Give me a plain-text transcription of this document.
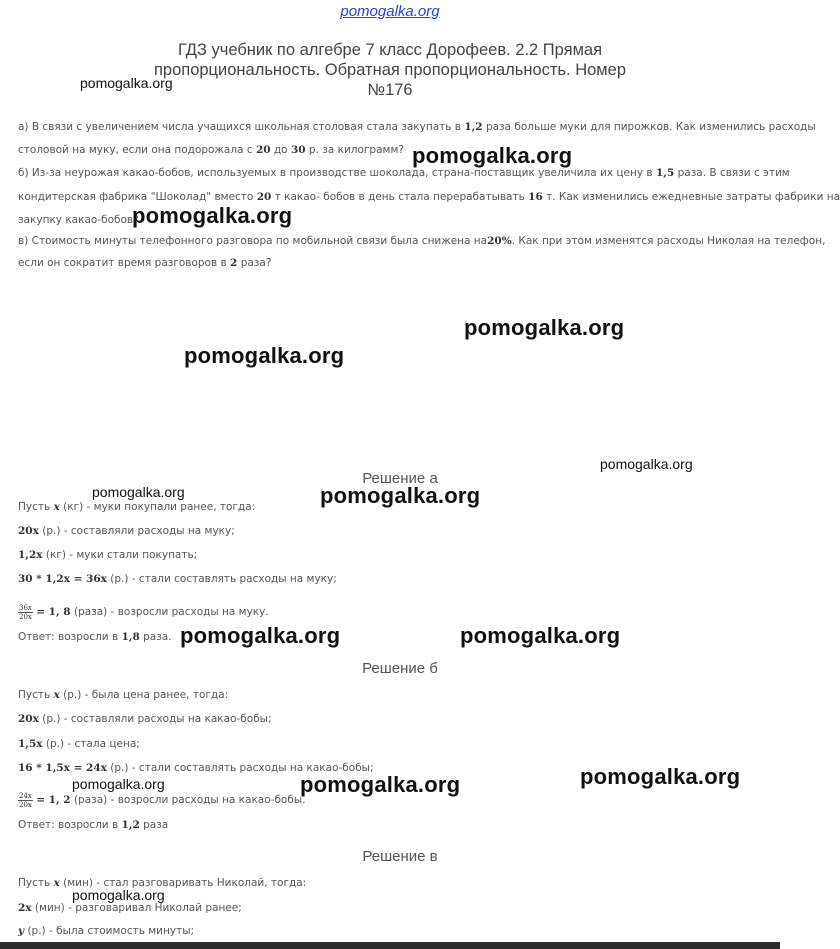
pomogalka.org
ГДЗ учебник по алгебре 7 класс Дорофеев. 2.2 Прямая
пропорциональность. Обратная пропорциональность. Номер
№176
а) В связи с увеличением числа учащихся школьная столовая стала закупать в 1,2 раза больше муки для пирожков. Как изменились расходы
столовой на муку, если она подорожала с 20 до 30 р. за килограмм?
б) Из-за неурожая какао-бобов, используемых в производстве шоколада, страна-поставщик увеличила их цену в 1,5 раза. В связи с этим
кондитерская фабрика "Шоколад" вместо 20 т какао- бобов в день стала перерабатывать 16 т. Как изменились ежедневные затраты фабрики на
закупку какао-бобов?
в) Стоимость минуты телефонного разговора по мобильной связи была снижена на20%. Как при этом изменятся расходы Николая на телефон,
если он сократит время разговоров в 2 раза?
Решение а
Пусть x (кг) - муки покупали ранее, тогда:
20x (р.) - составляли расходы на муку;
1,2x (кг) - муки стали покупать;
30 * 1,2x = 36x (р.) - стали составлять расходы на муку;
$\frac{36x}{20x} = 1$, 8 (раза) - возросли расходы на муку.
Ответ: возросли в 1,8 раза.
Решение б
Пусть x (р.) - была цена ранее, тогда:
20x (р.) - составляли расходы на какао-бобы;
1,5x (р.) - стала цена;
16 * 1,5x = 24x (р.) - стали составлять расходы на какао-бобы;
$\frac{24x}{20x} = 1$, 2 (раза) - возросли расходы на какао-бобы.
Ответ: возросли в 1,2 раза
Решение в
Пусть x (мин) - стал разговаривать Николай, тогда:
2x (мин) - разговаривал Николай ранее;
y (р.) - была стоимость минуты;
pomogalka.org
pomogalka.org
pomogalka.org
pomogalka.org
pomogalka.org
pomogalka.org
pomogalka.org	pomogalka.org
pomogalka.org	pomogalka.org
pomogalka.org	pomogalka.org	pomogalka.org
pomogalka.org
